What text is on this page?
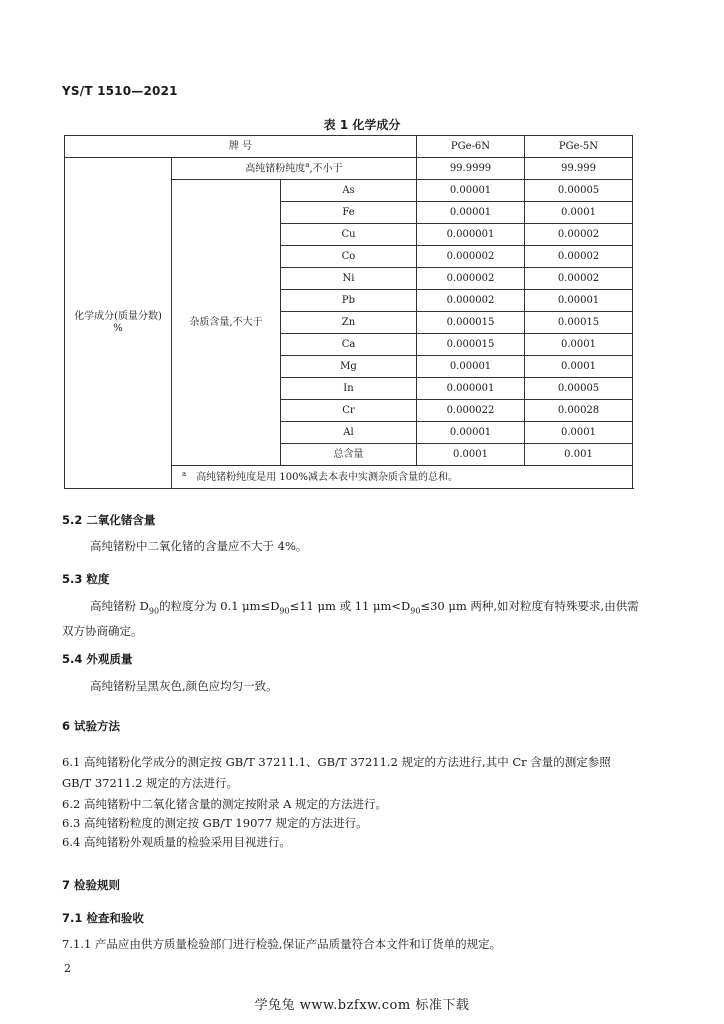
YS/T 1510—2021
表 1 化学成分
牌 号			PGe-6N	PGe-5N
化学成分(质量分数)
%	高纯锗粉纯度$^a$,不小于		99.9999	99.999
	杂质含量,不大于	As	0.00001	0.00005
		Fe	0.00001	0.0001
		Cu	0.000001	0.00002
		Co	0.000002	0.00002
		Ni	0.000002	0.00002
		Pb	0.000002	0.00001
		Zn	0.000015	0.00015
		Ca	0.000015	0.0001
		Mg	0.00001	0.0001
		In	0.000001	0.00005
		Cr	0.000022	0.00028
		Al	0.00001	0.0001
		总含量	0.0001	0.001
	$^a$ 高纯锗粉纯度是用 100%减去本表中实测杂质含量的总和。			
5.2 二氧化锗含量
高纯锗粉中二氧化锗的含量应不大于 4%。
5.3 粒度
高纯锗粉 $D_{90}$的粒度分为 0.1 $\mu m\le D_{90}\le 11$ μm 或 11 $\mu m<D_{90}\le 30$ μm 两种,如对粒度有特殊要求,由供需双方协商确定。
5.4 外观质量
高纯锗粉呈黑灰色,颜色应均匀一致。
6 试验方法
6.1 高纯锗粉化学成分的测定按 GB/T 37211.1、GB/T 37211.2 规定的方法进行,其中 Cr 含量的测定参照 GB/T 37211.2 规定的方法进行。
6.2 高纯锗粉中二氧化锗含量的测定按附录 A 规定的方法进行。
6.3 高纯锗粉粒度的测定按 GB/T 19077 规定的方法进行。
6.4 高纯锗粉外观质量的检验采用目视进行。
7 检验规则
7.1 检查和验收
7.1.1 产品应由供方质量检验部门进行检验,保证产品质量符合本文件和订货单的规定。
2
学兔兔 www.bzfxw.com 标准下载
